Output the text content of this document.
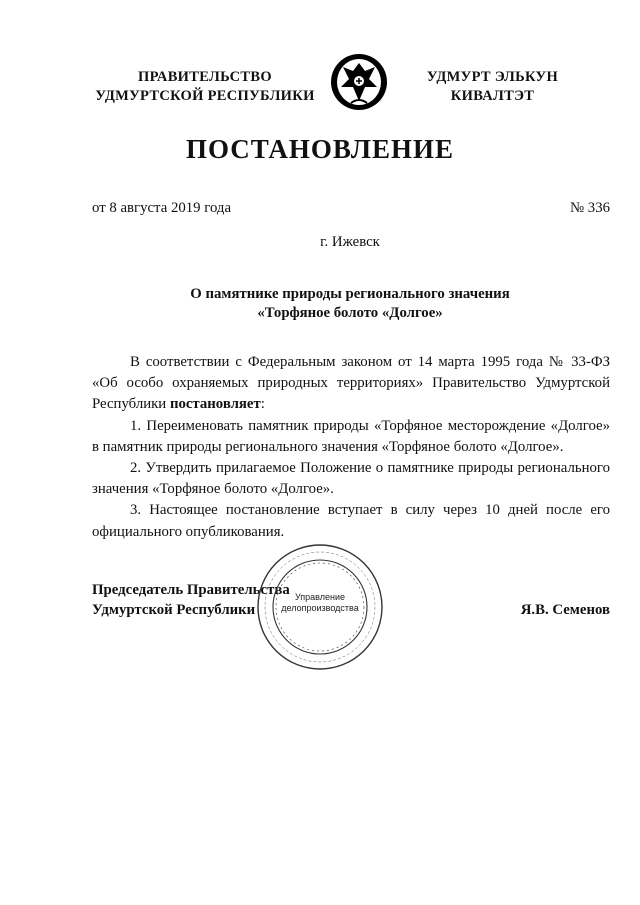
ПРАВИТЕЛЬСТВО
УДМУРТСКОЙ РЕСПУБЛИКИ
УДМУРТ ЭЛЬКУН
КИВАЛТЭТ
ПОСТАНОВЛЕНИЕ
от 8 августа 2019 года	№ 336
г. Ижевск
О памятнике природы регионального значения
«Торфяное болото «Долгое»

В соответствии с Федеральным законом от 14 марта 1995 года № 33-ФЗ «Об особо охраняемых природных территориях» Правительство Удмуртской Республики постановляет:

1. Переименовать памятник природы «Торфяное месторождение «Долгое» в памятник природы регионального значения «Торфяное болото «Долгое».

2. Утвердить прилагаемое Положение о памятнике природы регионального значения «Торфяное болото «Долгое».

3. Настоящее постановление вступает в силу через 10 дней после его официального опубликования.

Председатель Правительства
Удмуртской Республики	Я.В. Семенов
Управление
делопроизводства
